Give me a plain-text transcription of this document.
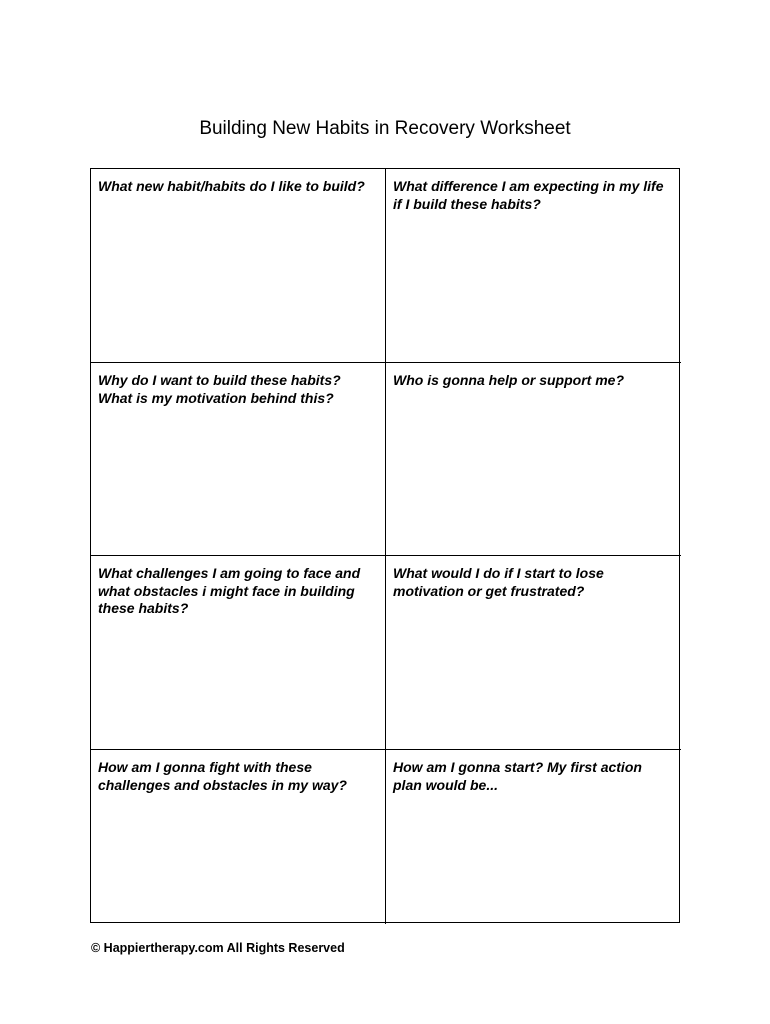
Building New Habits in Recovery Worksheet
What new habit/habits do I like to build?	What difference I am expecting in my life if I build these habits?
Why do I want to build these habits? What is my motivation behind this?
Who is gonna help or support me?
What challenges I am going to face and what obstacles i might face in building these habits?
What would I do if I start to lose motivation or get frustrated?
How am I gonna fight with these challenges and obstacles in my way?
How am I gonna start? My first action plan would be...

© Happiertherapy.com All Rights Reserved
